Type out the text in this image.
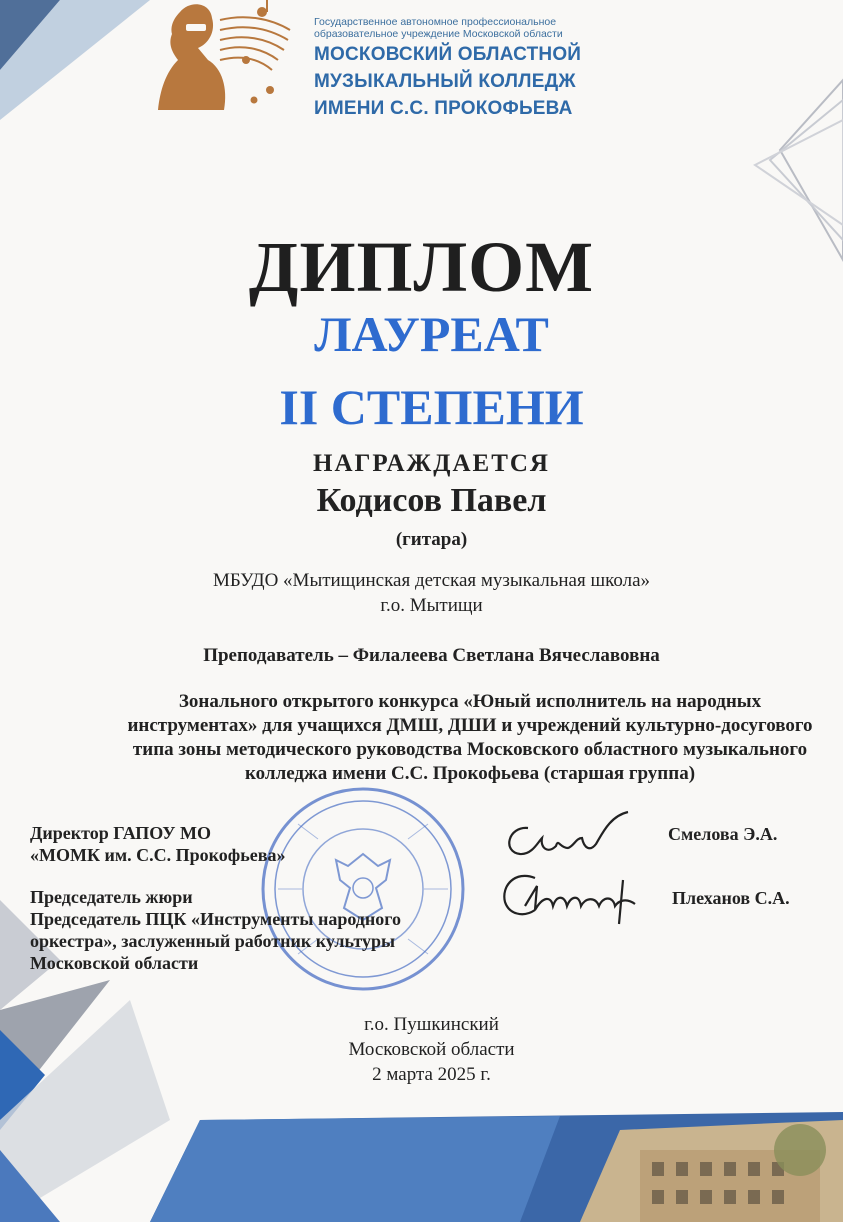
Государственное автономное профессиональное
образовательное учреждение Московской области
МОСКОВСКИЙ ОБЛАСТНОЙ
МУЗЫКАЛЬНЫЙ КОЛЛЕДЖ
ИМЕНИ С.С. ПРОКОФЬЕВА
ДИПЛОМ
ЛАУРЕАТ
II СТЕПЕНИ
НАГРАЖДАЕТСЯ
Кодисов Павел
(гитара)
МБУДО «Мытищинская детская музыкальная школа»
г.о. Мытищи
Преподаватель – Филалеева Светлана Вячеславовна
Зонального открытого конкурса «Юный исполнитель на народных
инструментах» для учащихся ДМШ, ДШИ и учреждений культурно-досугового
типа зоны методического руководства Московского областного музыкального
колледжа имени С.С. Прокофьева (старшая группа)
Директор ГАПОУ МО
«МОМК им. С.С. Прокофьева»
Смелова Э.А.
Председатель жюри
Председатель ПЦК «Инструменты народного
оркестра», заслуженный работник культуры
Московской области
Плеханов С.А.
г.о. Пушкинский
Московской области
2 марта 2025 г.
